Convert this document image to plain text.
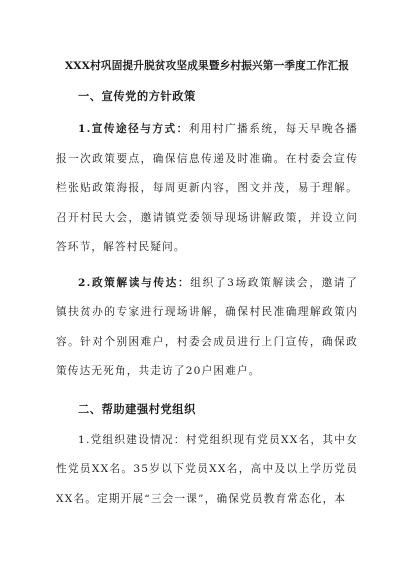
XXX村巩固提升脱贫攻坚成果暨乡村振兴第一季度工作汇报
一、宣传党的方针政策

1.宣传途径与方式：利用村广播系统，每天早晚各播报一次政策要点，确保信息传递及时准确。在村委会宣传栏张贴政策海报，每周更新内容，图文并茂，易于理解。召开村民大会，邀请镇党委领导现场讲解政策，并设立问答环节，解答村民疑问。

2.政策解读与传达：组织了3场政策解读会，邀请了镇扶贫办的专家进行现场讲解，确保村民准确理解政策内容。针对个别困难户，村委会成员进行上门宣传，确保政策传达无死角，共走访了20户困难户。

二、帮助建强村党组织

1.党组织建设情况：村党组织现有党员XX名，其中女性党员XX名。35岁以下党员XX名，高中及以上学历党员XX名。定期开展“三会一课”，确保党员教育常态化，本
